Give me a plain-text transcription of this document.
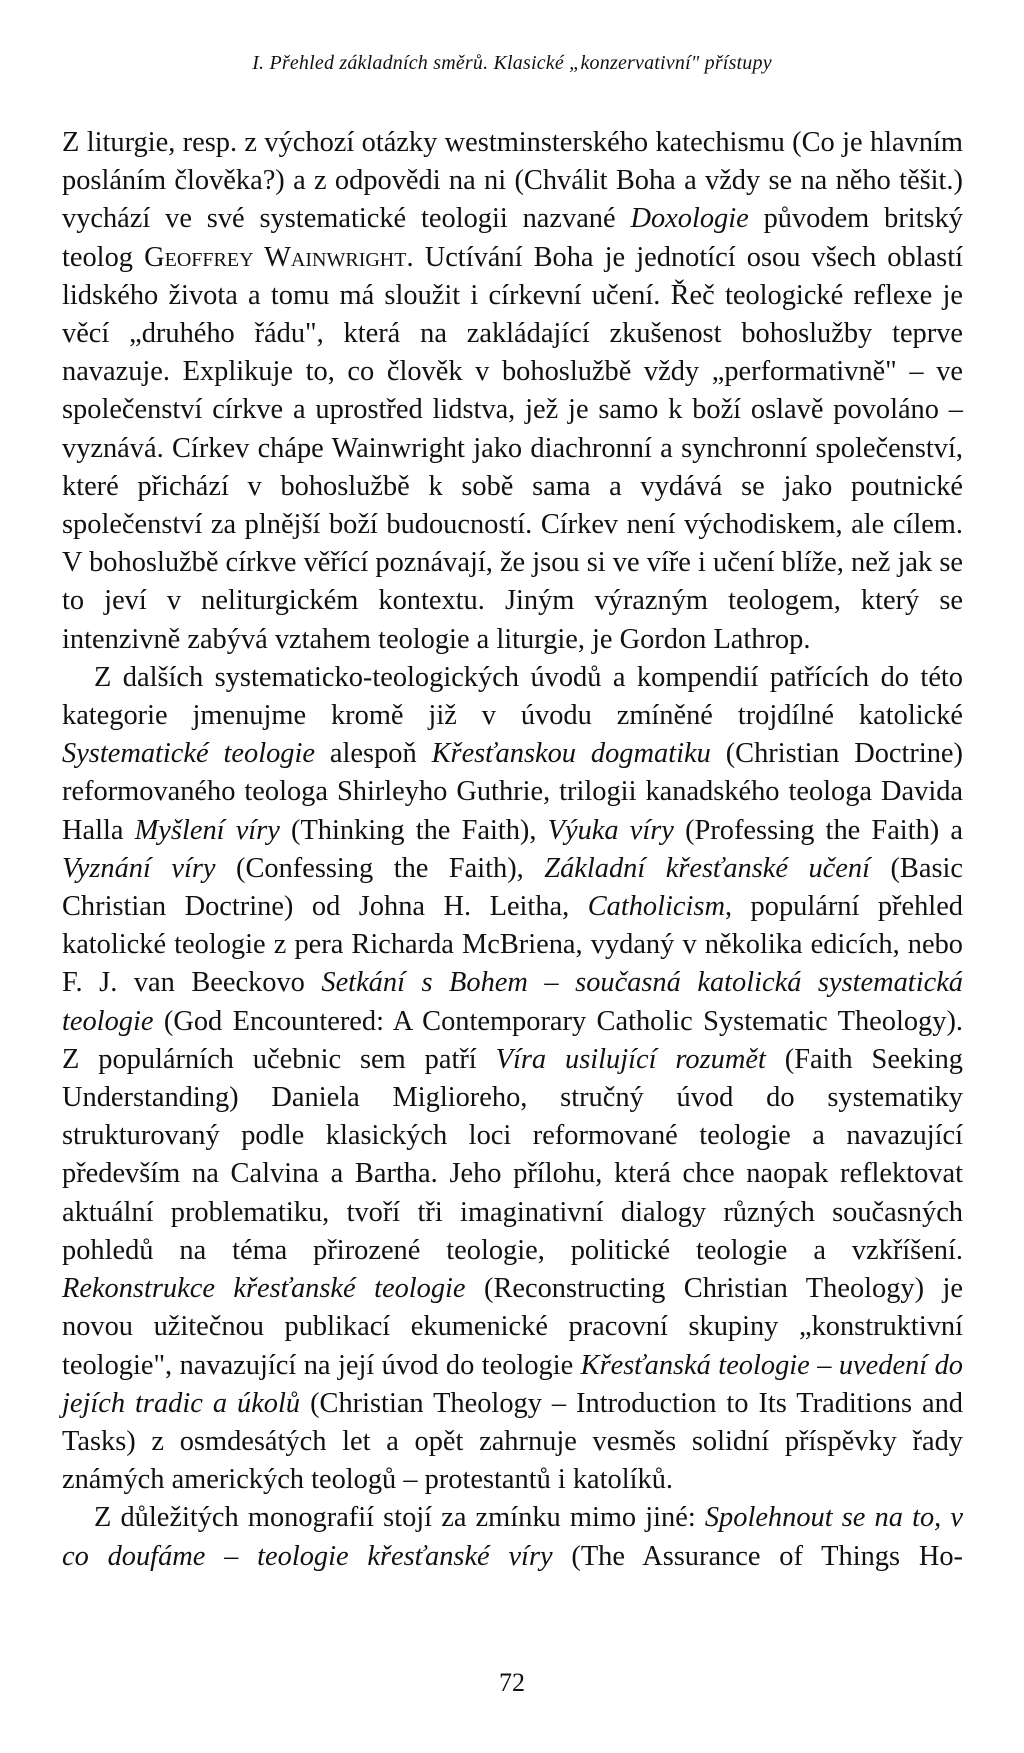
I. Přehled základních směrů. Klasické „konzervativní" přístupy

Z liturgie, resp. z výchozí otázky westminsterského katechismu (Co je hlavním posláním člověka?) a z odpovědi na ni (Chválit Boha a vždy se na něho těšit.) vychází ve své systematické teologii nazvané Doxologie původem britský teolog Geoffrey Wainwright. Uctívání Boha je jednotící osou všech oblastí lidského života a tomu má sloužit i církevní učení. Řeč teologické reflexe je věcí „druhého řádu", která na zakládající zkušenost bohoslužby teprve navazuje. Explikuje to, co člověk v bohoslužbě vždy „performativně" – ve společenství církve a uprostřed lidstva, jež je samo k boží oslavě povoláno – vyznává. Církev chápe Wainwright jako diachronní a synchronní společenství, které přichází v bohoslužbě k sobě sama a vydává se jako poutnické společenství za plnější boží budoucností. Církev není východiskem, ale cílem. V bohoslužbě církve věřící poznávají, že jsou si ve víře i učení blíže, než jak se to jeví v neliturgickém kontextu. Jiným výrazným teologem, který se intenzivně zabývá vztahem teologie a liturgie, je Gordon Lathrop.

Z dalších systematicko-teologických úvodů a kompendií patřících do této kategorie jmenujme kromě již v úvodu zmíněné trojdílné katolické Systematické teologie alespoň Křesťanskou dogmatiku (Christian Doctrine) reformovaného teologa Shirleyho Guthrie, trilogii kanadského teologa Davida Halla Myšlení víry (Thinking the Faith), Výuka víry (Professing the Faith) a Vyznání víry (Confessing the Faith), Základní křesťanské učení (Basic Christian Doctrine) od Johna H. Leitha, Catholicism, populární přehled katolické teologie z pera Richarda McBriena, vydaný v několika edicích, nebo F. J. van Beeckovo Setkání s Bohem – současná katolická systematická teologie (God Encountered: A Contemporary Catholic Systematic Theology). Z populárních učebnic sem patří Víra usilující rozumět (Faith Seeking Understanding) Daniela Miglioreho, stručný úvod do systematiky strukturovaný podle klasických loci reformované teologie a navazující především na Calvina a Bartha. Jeho přílohu, která chce naopak reflektovat aktuální problematiku, tvoří tři imaginativní dialogy různých současných pohledů na téma přirozené teologie, politické teologie a vzkříšení. Rekonstrukce křesťanské teologie (Reconstructing Christian Theology) je novou užitečnou publikací ekumenické pracovní skupiny „konstruktivní teologie", navazující na její úvod do teologie Křesťanská teologie – uvedení do jejích tradic a úkolů (Christian Theology – Introduction to Its Traditions and Tasks) z osmdesátých let a opět zahrnuje vesměs solidní příspěvky řady známých amerických teologů – protestantů i katolíků.

Z důležitých monografií stojí za zmínku mimo jiné: Spolehnout se na to, v co doufáme – teologie křesťanské víry (The Assurance of Things Ho-

72
